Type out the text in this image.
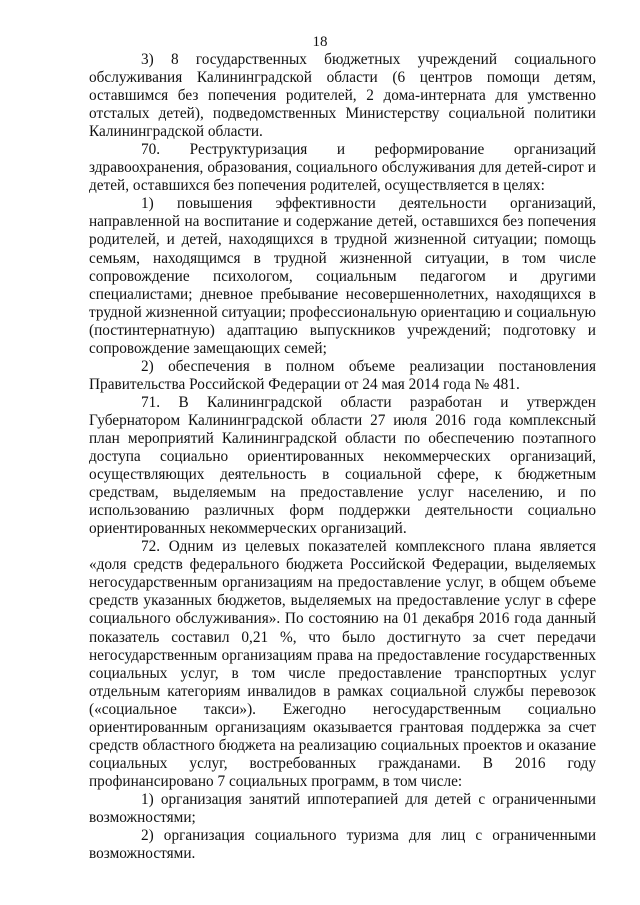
18

3) 8 государственных бюджетных учреждений социального обслуживания Калининградской области (6 центров помощи детям, оставшимся без попечения родителей, 2 дома-интерната для умственно отсталых детей), подведомственных Министерству социальной политики Калининградской области.

70. Реструктуризация и реформирование организаций здравоохранения, образования, социального обслуживания для детей-сирот и детей, оставшихся без попечения родителей, осуществляется в целях:

1) повышения эффективности деятельности организаций, направленной на воспитание и содержание детей, оставшихся без попечения родителей, и детей, находящихся в трудной жизненной ситуации; помощь семьям, находящимся в трудной жизненной ситуации, в том числе сопровождение психологом, социальным педагогом и другими специалистами; дневное пребывание несовершеннолетних, находящихся в трудной жизненной ситуации; профессиональную ориентацию и социальную (постинтернатную) адаптацию выпускников учреждений; подготовку и сопровождение замещающих семей;

2) обеспечения в полном объеме реализации постановления Правительства Российской Федерации от 24 мая 2014 года № 481.

71. В Калининградской области разработан и утвержден Губернатором Калининградской области 27 июля 2016 года комплексный план мероприятий Калининградской области по обеспечению поэтапного доступа социально ориентированных некоммерческих организаций, осуществляющих деятельность в социальной сфере, к бюджетным средствам, выделяемым на предоставление услуг населению, и по использованию различных форм поддержки деятельности социально ориентированных некоммерческих организаций.

72. Одним из целевых показателей комплексного плана является «доля средств федерального бюджета Российской Федерации, выделяемых негосударственным организациям на предоставление услуг, в общем объеме средств указанных бюджетов, выделяемых на предоставление услуг в сфере социального обслуживания». По состоянию на 01 декабря 2016 года данный показатель составил 0,21 %, что было достигнуто за счет передачи негосударственным организациям права на предоставление государственных социальных услуг, в том числе предоставление транспортных услуг отдельным категориям инвалидов в рамках социальной службы перевозок («социальное такси»). Ежегодно негосударственным социально ориентированным организациям оказывается грантовая поддержка за счет средств областного бюджета на реализацию социальных проектов и оказание социальных услуг, востребованных гражданами. В 2016 году профинансировано 7 социальных программ, в том числе:

1) организация занятий иппотерапией для детей с ограниченными возможностями;

2) организация социального туризма для лиц с ограниченными возможностями.
